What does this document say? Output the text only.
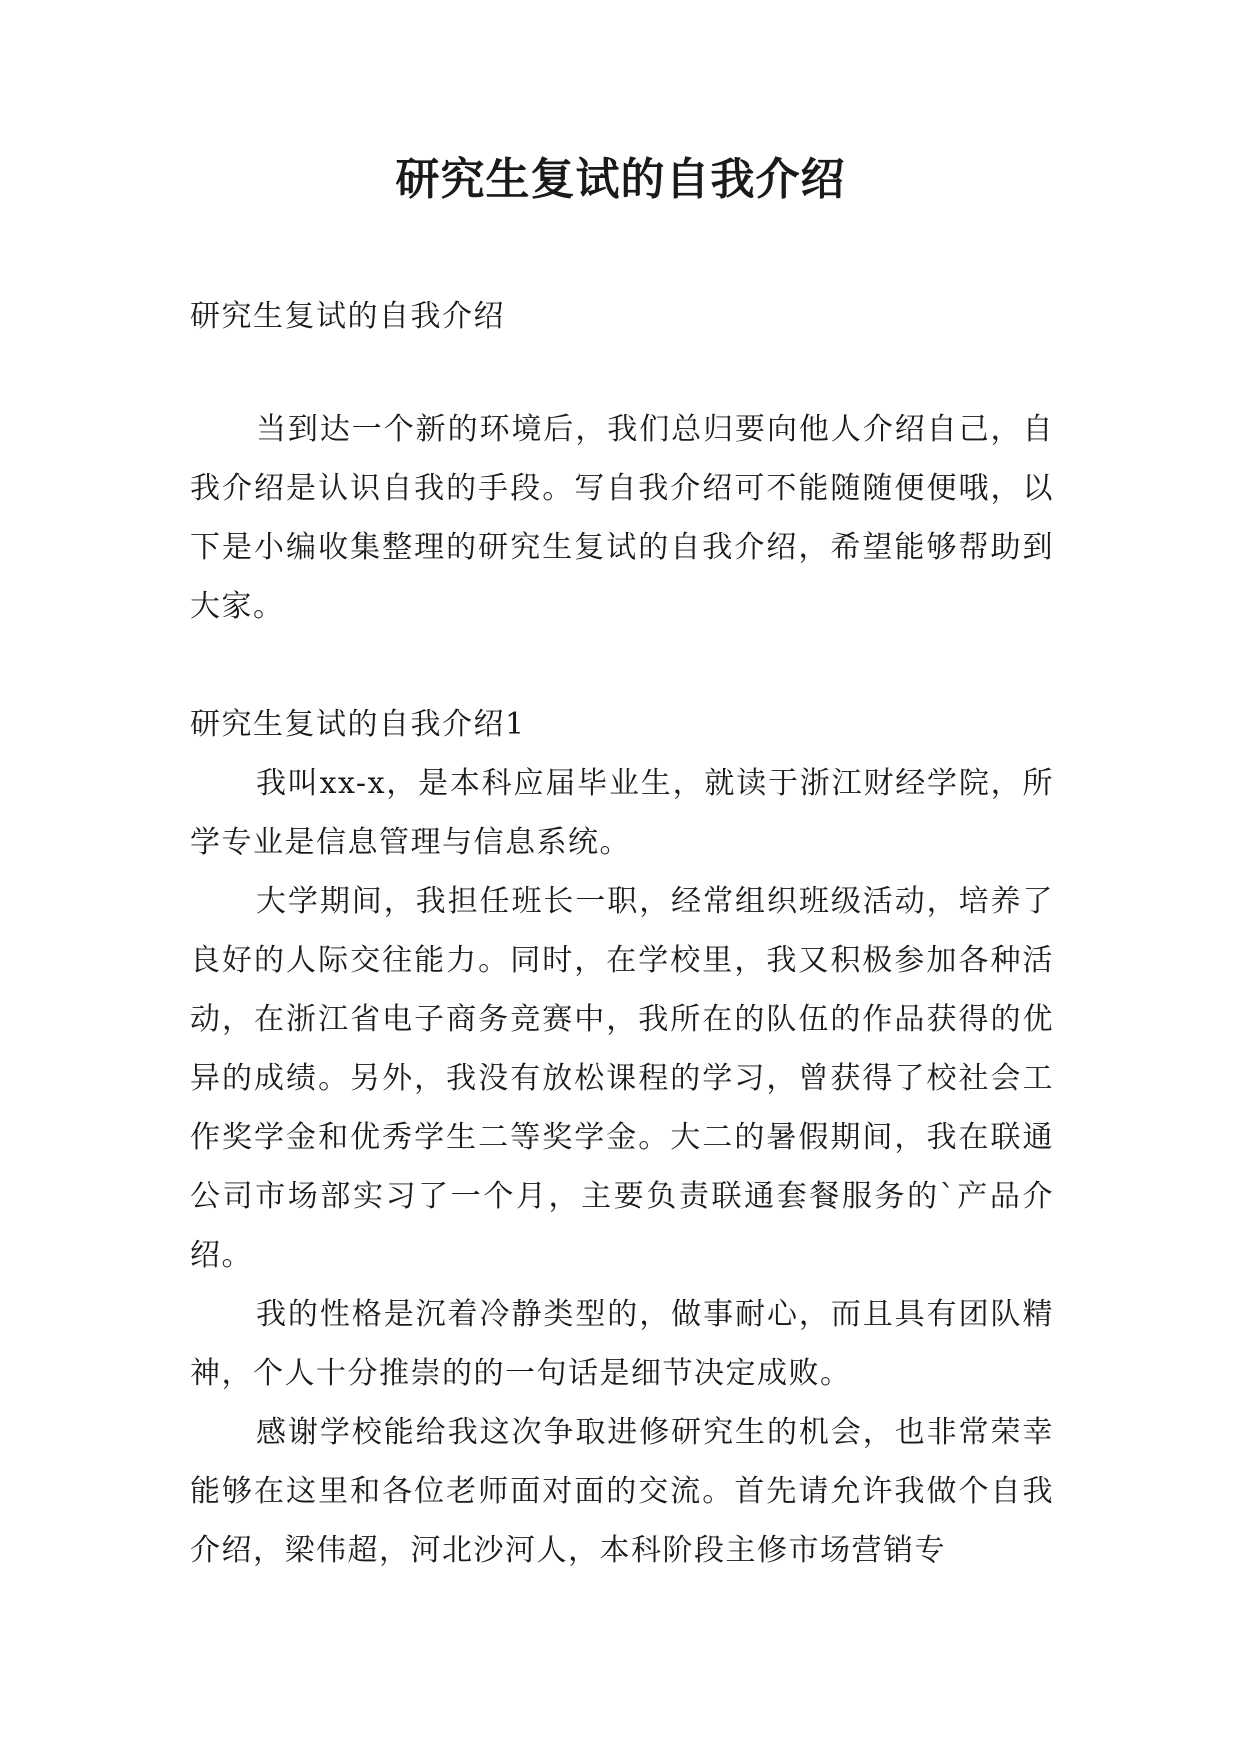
研究生复试的自我介绍

研究生复试的自我介绍

当到达一个新的环境后，我们总归要向他人介绍自己，自我介绍是认识自我的手段。写自我介绍可不能随随便便哦，以下是小编收集整理的研究生复试的自我介绍，希望能够帮助到大家。

研究生复试的自我介绍1

我叫xx-x，是本科应届毕业生，就读于浙江财经学院，所学专业是信息管理与信息系统。

大学期间，我担任班长一职，经常组织班级活动，培养了良好的人际交往能力。同时，在学校里，我又积极参加各种活动，在浙江省电子商务竞赛中，我所在的队伍的作品获得的优异的成绩。另外，我没有放松课程的学习，曾获得了校社会工作奖学金和优秀学生二等奖学金。大二的暑假期间，我在联通公司市场部实习了一个月，主要负责联通套餐服务的`产品介绍。

我的性格是沉着冷静类型的，做事耐心，而且具有团队精神，个人十分推崇的的一句话是细节决定成败。

感谢学校能给我这次争取进修研究生的机会，也非常荣幸能够在这里和各位老师面对面的交流。首先请允许我做个自我介绍，梁伟超，河北沙河人，本科阶段主修市场营销专
